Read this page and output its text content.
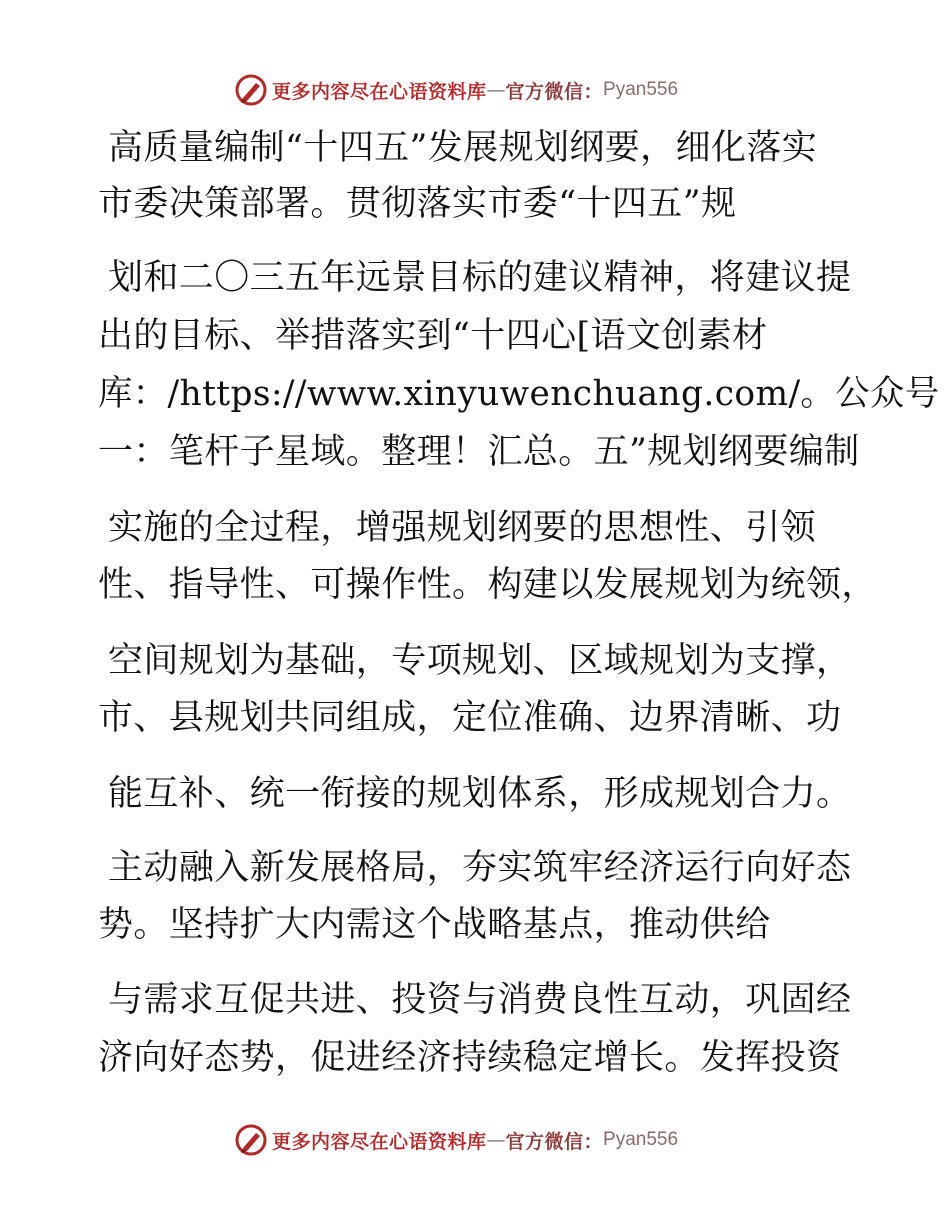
更多内容尽在心语资料库 — 官方微信： Pyan556
高质量编制“十四五”发展规划纲要，细化落实
市委决策部署。贯彻落实市委“十四五”规
划和二〇三五年远景目标的建议精神，将建议提
出的目标、举措落实到“十四心[语文创素材
库：/https://www.xinyuwenchuang.com/。公众号
一：笔杆子星域。整理！汇总。五”规划纲要编制
实施的全过程，增强规划纲要的思想性、引领
性、指导性、可操作性。构建以发展规划为统领，
空间规划为基础，专项规划、区域规划为支撑，
市、县规划共同组成，定位准确、边界清晰、功
能互补、统一衔接的规划体系，形成规划合力。
主动融入新发展格局，夯实筑牢经济运行向好态
势。坚持扩大内需这个战略基点，推动供给
与需求互促共进、投资与消费良性互动，巩固经
济向好态势，促进经济持续稳定增长。发挥投资
更多内容尽在心语资料库 — 官方微信： Pyan556
